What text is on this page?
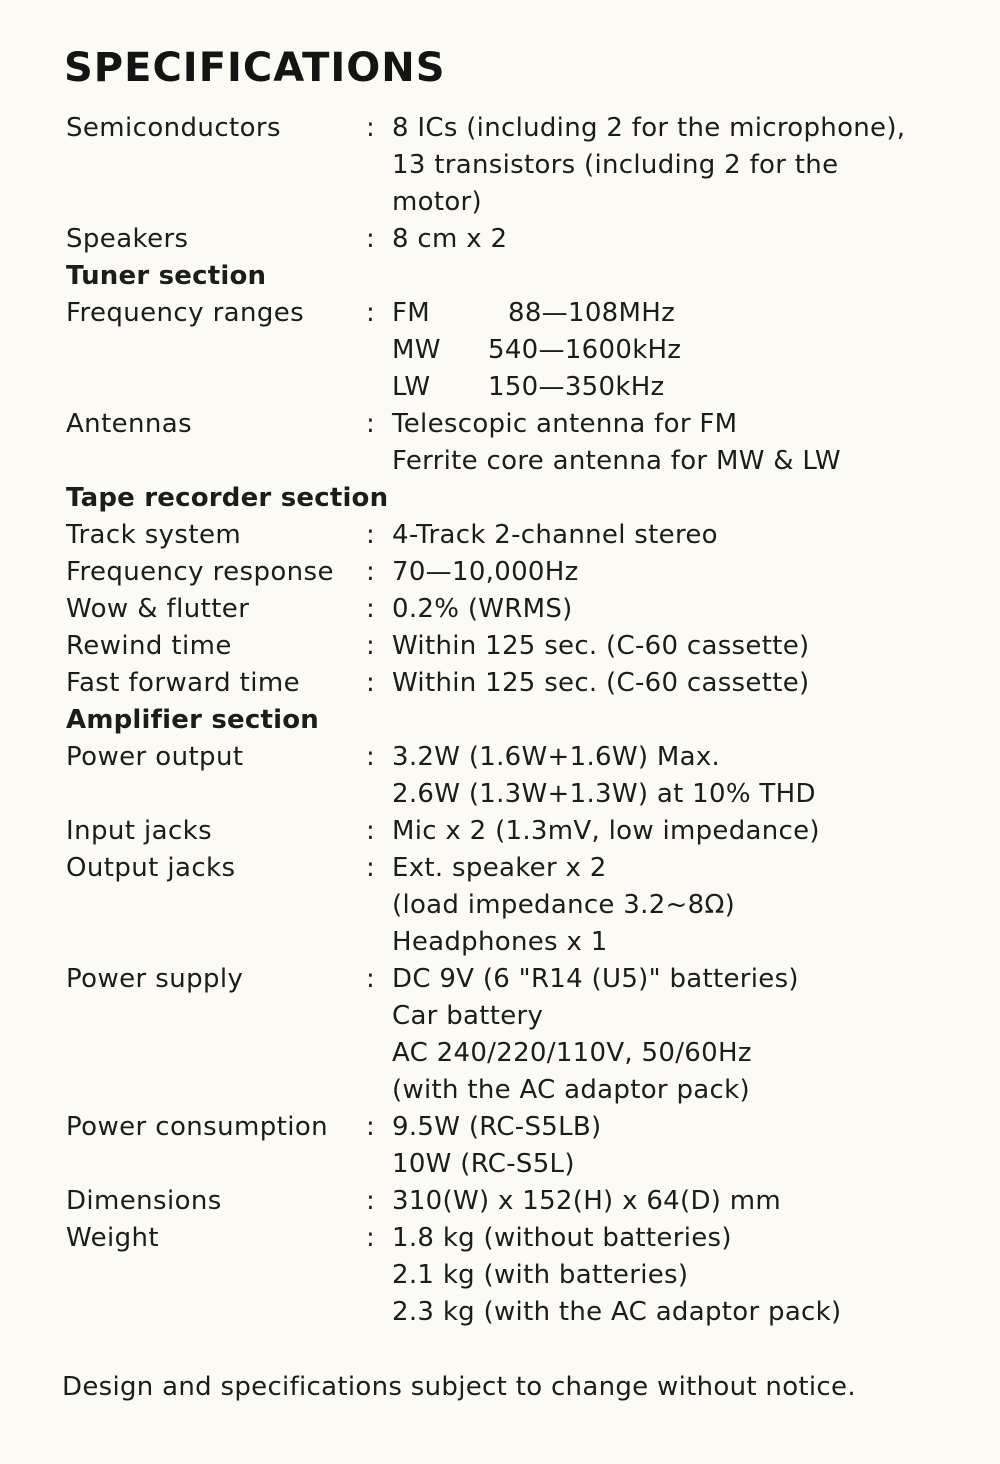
SPECIFICATIONS
Semiconductors	: 8 ICs (including 2 for the microphone),
13 transistors (including 2 for the
motor)
Speakers	: 8 cm x 2
Tuner section
Frequency ranges	: FM	88—108MHz
MW	540—1600kHz
LW	150—350kHz
Antennas	: Telescopic antenna for FM
Ferrite core antenna for MW & LW
Tape recorder section
Track system	: 4-Track 2-channel stereo
Frequency response	: 70—10,000Hz
Wow & flutter	: 0.2% (WRMS)
Rewind time	: Within 125 sec. (C-60 cassette)
Fast forward time	: Within 125 sec. (C-60 cassette)
Amplifier section
Power output	: 3.2W (1.6W+1.6W) Max.
2.6W (1.3W+1.3W) at 10% THD
Input jacks	: Mic x 2 (1.3mV, low impedance)
Output jacks	: Ext. speaker x 2
(load impedance 3.2~8Ω)
Headphones x 1
Power supply	: DC 9V (6 "R14 (U5)" batteries)
Car battery
AC 240/220/110V, 50/60Hz
(with the AC adaptor pack)
Power consumption	: 9.5W (RC-S5LB)
10W (RC-S5L)
Dimensions	: 310(W) x 152(H) x 64(D) mm
Weight	: 1.8 kg (without batteries)
2.1 kg (with batteries)
2.3 kg (with the AC adaptor pack)
Design and specifications subject to change without notice.
